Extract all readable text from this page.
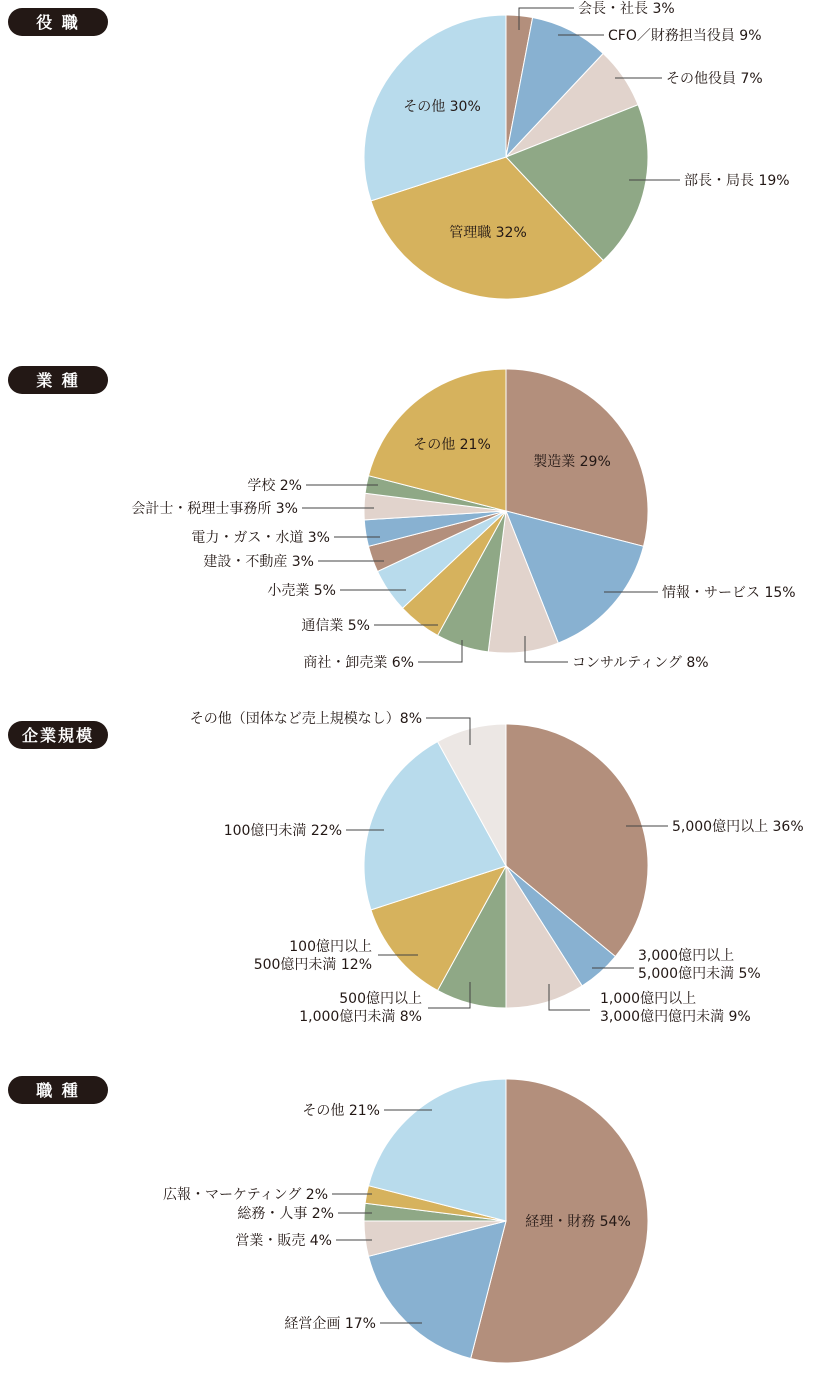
役 職
業 種
企業規模
職 種
会長・社長 3%
CFO／財務担当役員 9%
その他役員 7%
部長・局長 19%
管理職 32%
その他 30%
製造業 29%
情報・サービス 15%
コンサルティング 8%
商社・卸売業 6%
通信業 5%
小売業 5%
建設・不動産 3%
電力・ガス・水道 3%
会計士・税理士事務所 3%
学校 2%
その他 21%
5,000億円以上 36%
3,000億円以上 5,000億円未満 5%
1,000億円以上 3,000億円億円未満 9%
500億円以上 1,000億円未満 8%
100億円以上 500億円未満 12%
100億円未満 22%
その他（団体など売上規模なし）8%
経理・財務 54%
経営企画 17%
営業・販売 4%
総務・人事 2%
広報・マーケティング 2%
その他 21%
